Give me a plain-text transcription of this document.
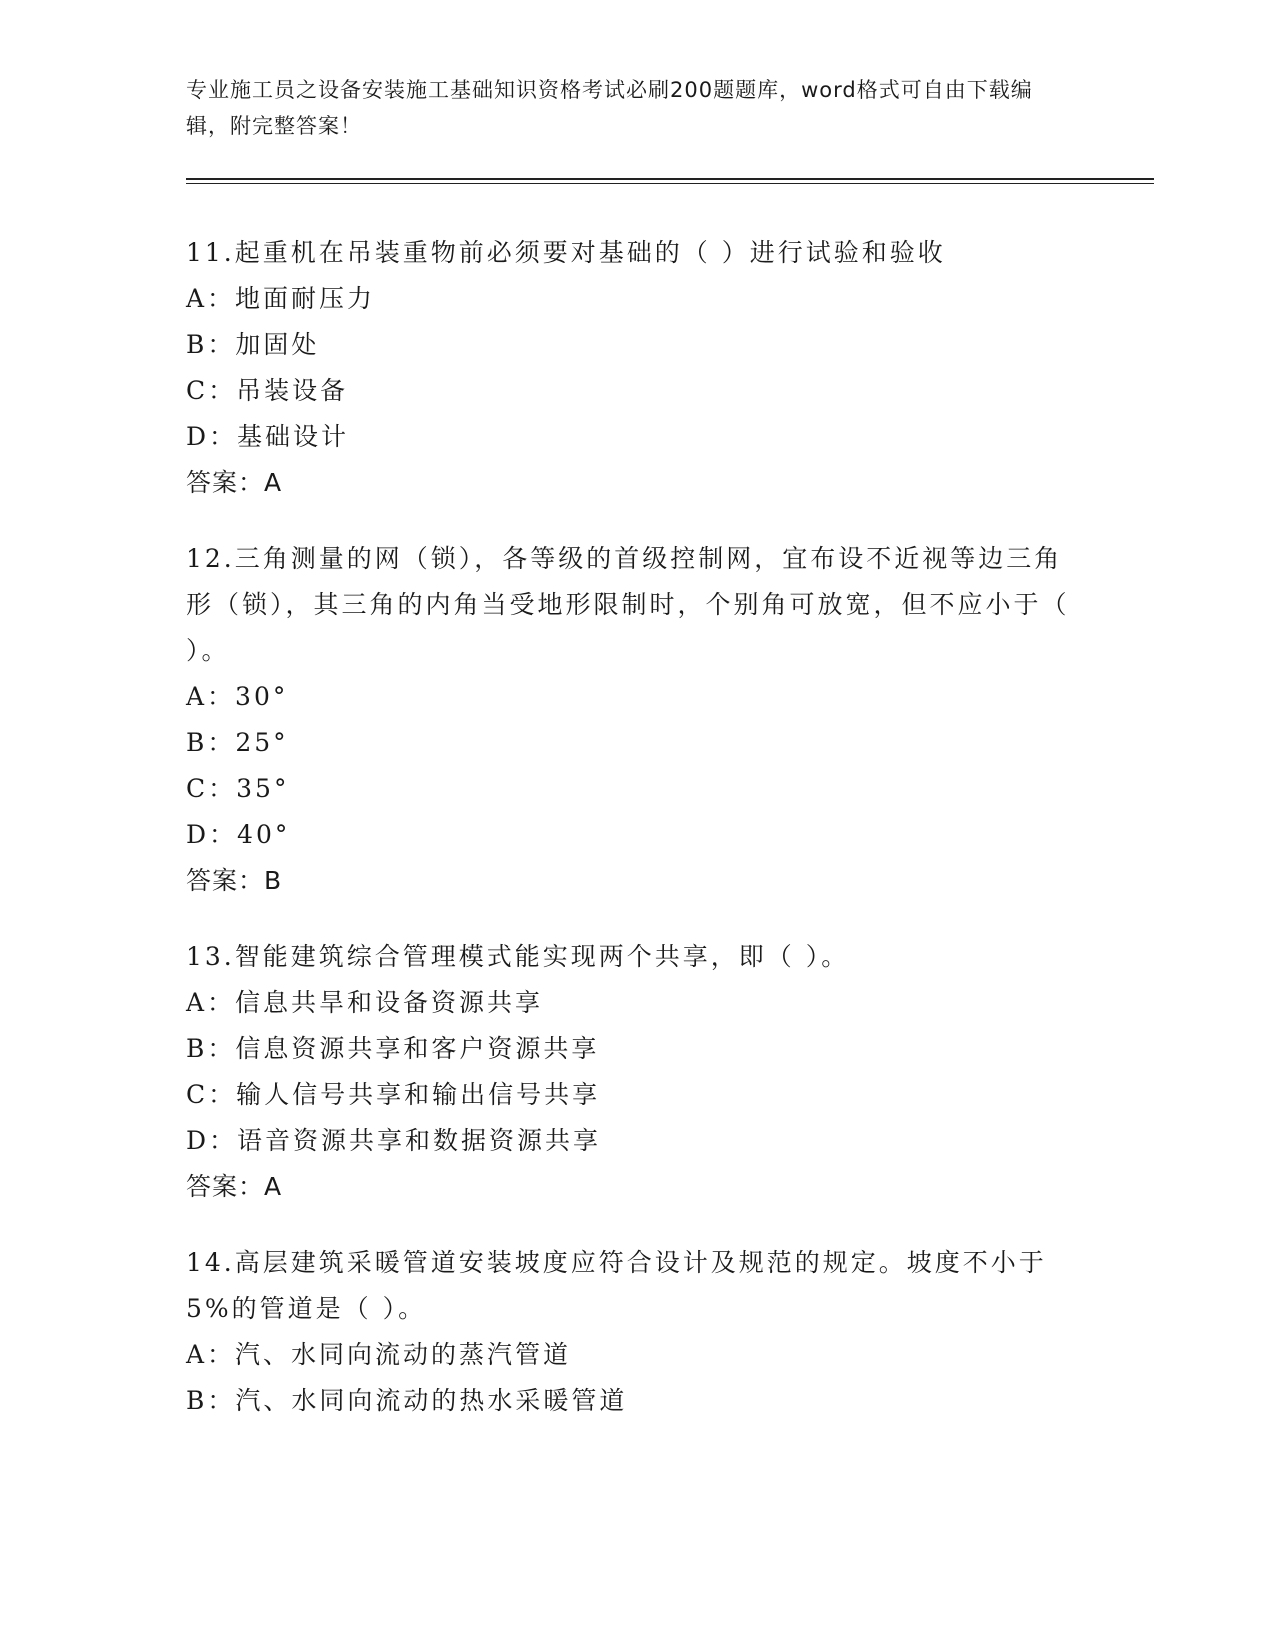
专业施工员之设备安装施工基础知识资格考试必刷200题题库，word格式可自由下载编辑，附完整答案！
11.起重机在吊装重物前必须要对基础的（ ）进行试验和验收
A：地面耐压力
B：加固处
C：吊装设备
D：基础设计
答案：A
12.三角测量的网（锁），各等级的首级控制网，宜布设不近视等边三角形（锁），其三角的内角当受地形限制时，个别角可放宽，但不应小于（ ）。
A：30°
B：25°
C：35°
D：40°
答案：B
13.智能建筑综合管理模式能实现两个共享，即（ ）。
A：信息共旱和设备资源共享
B：信息资源共享和客户资源共享
C：输人信号共享和输出信号共享
D：语音资源共享和数据资源共享
答案：A
14.高层建筑采暖管道安装坡度应符合设计及规范的规定。坡度不小于5%的管道是（ ）。
A：汽、水同向流动的蒸汽管道
B：汽、水同向流动的热水采暖管道
